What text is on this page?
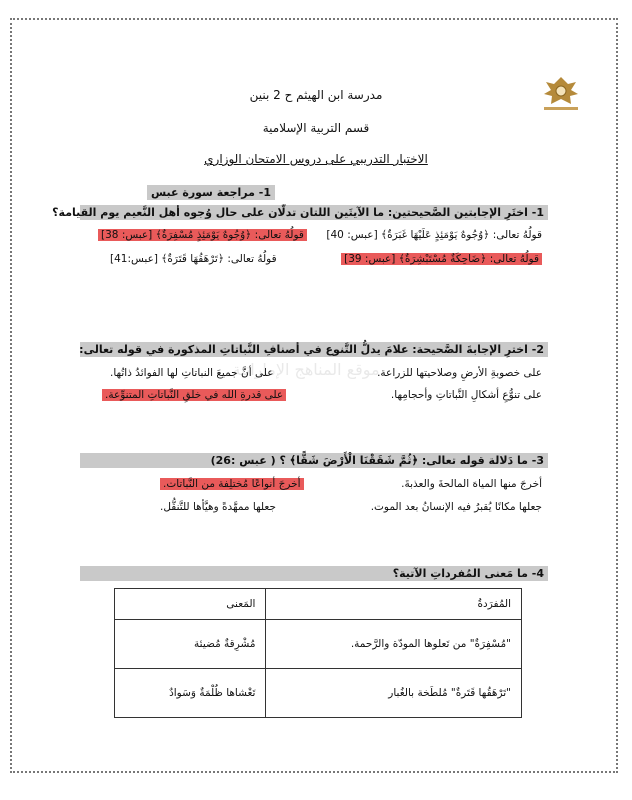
موقع المناهج الإماراتية
مدرسة ابن الهيثم ح 2 بنين
قسم التربية الإسلامية
الاختبار التدريبي على دروس الامتحان الوزاري
1- مراجعة سورة عبس
1- اختَرِ الإجابتين الصَّحيحتين: ما الآيتَين اللتان تدلّان على حال وُجوه أهل النَّعيم يوم القيامة؟
قولُهُ تعالى: ﴿وُجُوهٌ يَوْمَئِذٍ عَلَيْهَا غَبَرَةٌ﴾ [عبس: 40]
قولُهُ تعالى: ﴿وُجُوهٌ يَوْمَئِذٍ مُسْفِرَةٌ﴾ [عبس: 38]
قولُهُ تعالى: ﴿ضَاحِكَةٌ مُسْتَبْشِرَةٌ﴾ [عبس: 39]
قولُهُ تعالى: ﴿تَرْهَقُهَا قَتَرَةٌ﴾ [عبس:41]
2- اخترِ الإجابةَ الصَّحيحة: علامَ يدلُّ التَّنوع في أصنافِ النَّباتاتِ المذكورة في قوله تعالى:
على خصوبةِ الأرضِ وصلاحيتها للزراعة.
على أنَّ جميعَ النباتاتِ لها الفوائدُ ذاتُها.
على تنوُّعِ أشكالِ النَّباتاتِ وأحجامِها.
على قدرةِ الله في خلقِ النَّباتاتِ المتنوِّعة.
3- ما دَلالة قوله تعالى: ﴿ثُمَّ شَقَقْنَا الْأَرْضَ شَقًّا﴾ ؟ ( عبس :26)
أخرجَ منها المياهَ المالحةَ والعذبةَ.
أخرجَ أنواعًا مُختلِفة من النَّباتات.
جعلها مكانًا يُقبرُ فيه الإنسانُ بعد الموت.
جعلها ممهَّدةً وهيَّأها للتَّنقُّل.
4- ما مَعنى المُفرداتِ الآتية؟
المُفرَدةُ	المَعنى
"مُسْفِرَةٌ" من تَعلوها المودّة والرَّحمة.	مُشْرِقةٌ مُضيئة
"تَرْهَقُها قَتَرةٌ" مُلطَخة بالغُبار	تَغْشاها ظُلْمَةٌ وَسَوادٌ
